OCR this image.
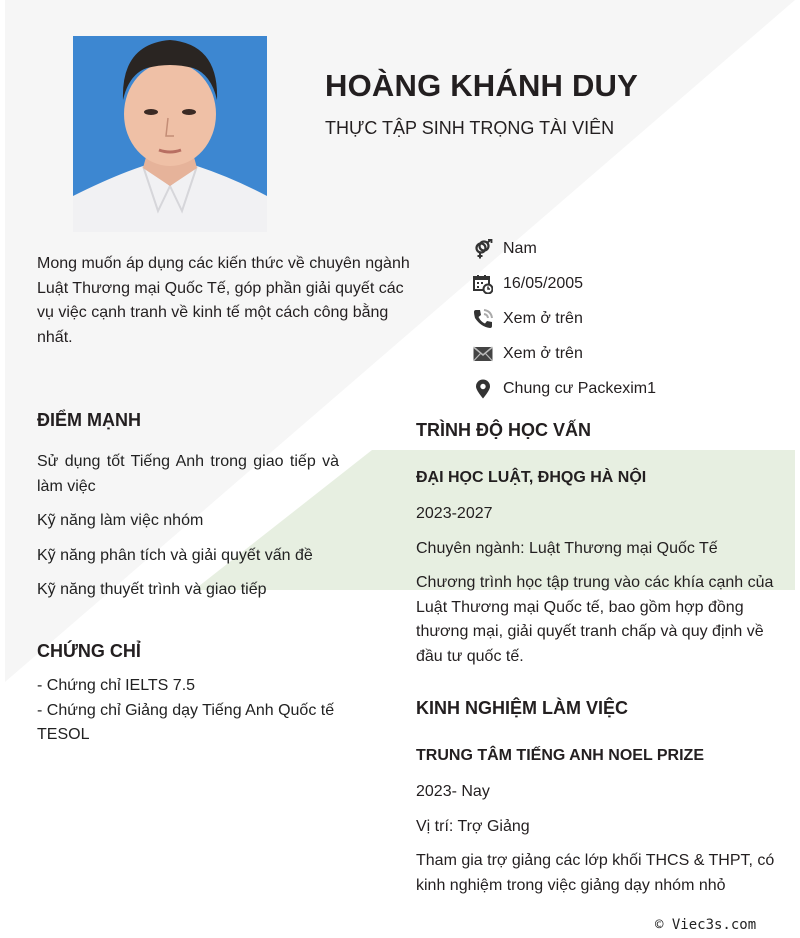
HOÀNG KHÁNH DUY
THỰC TẬP SINH TRỌNG TÀI VIÊN
Nam
16/05/2005
Xem ở trên
Xem ở trên
Chung cư Packexim1
Mong muốn áp dụng các kiến thức về chuyên ngành Luật Thương mại Quốc Tế, góp phần giải quyết các vụ việc cạnh tranh về kinh tế một cách công bằng nhất.
ĐIỂM MẠNH
Sử dụng tốt Tiếng Anh trong giao tiếp và làm việc
Kỹ năng làm việc nhóm
Kỹ năng phân tích và giải quyết vấn đề
Kỹ năng thuyết trình và giao tiếp
CHỨNG CHỈ
- Chứng chỉ IELTS 7.5
- Chứng chỉ Giảng dạy Tiếng Anh Quốc tế TESOL
TRÌNH ĐỘ HỌC VẤN
ĐẠI HỌC LUẬT, ĐHQG HÀ NỘI
2023-2027
Chuyên ngành: Luật Thương mại Quốc Tế
Chương trình học tập trung vào các khía cạnh của Luật Thương mại Quốc tế, bao gồm hợp đồng thương mại, giải quyết tranh chấp và quy định về đầu tư quốc tế.
KINH NGHIỆM LÀM VIỆC
TRUNG TÂM TIẾNG ANH NOEL PRIZE
2023- Nay
Vị trí: Trợ Giảng
Tham gia trợ giảng các lớp khối THCS & THPT, có kinh nghiệm trong việc giảng dạy nhóm nhỏ
© Viec3s.com
